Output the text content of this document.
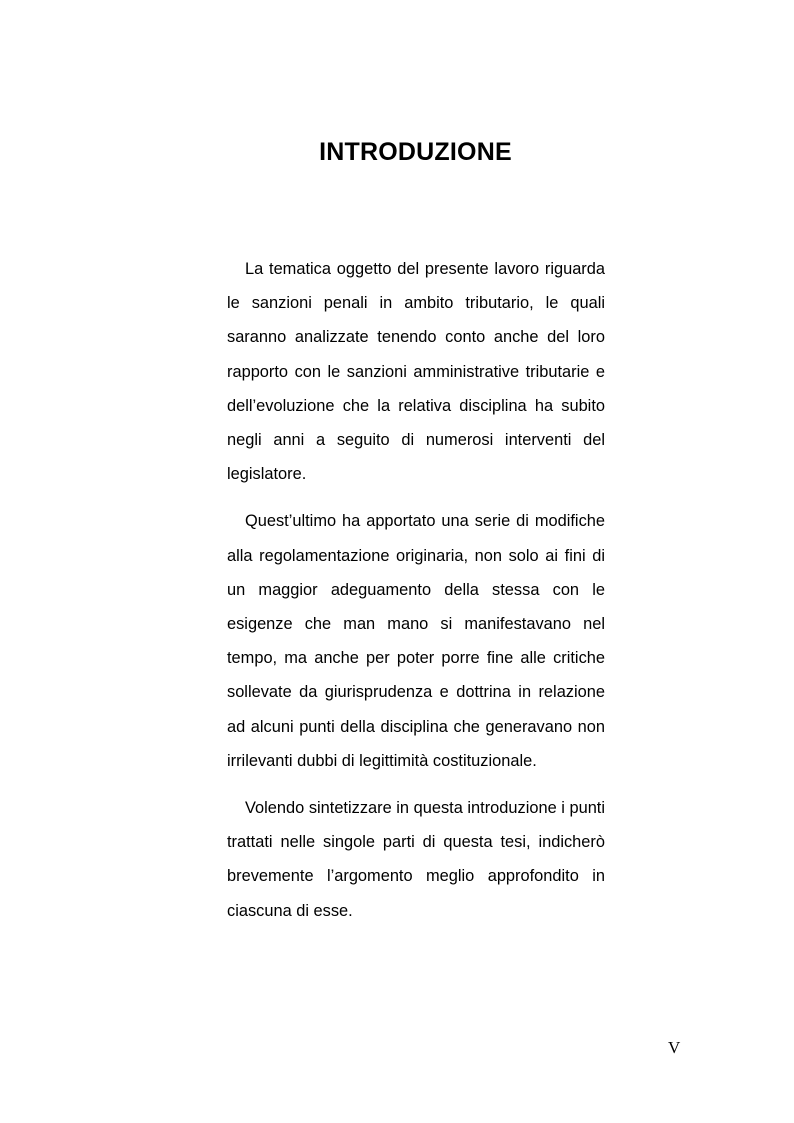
INTRODUZIONE

La tematica oggetto del presente lavoro riguarda le sanzioni penali in ambito tributario, le quali saranno analizzate tenendo conto anche del loro rapporto con le sanzioni amministrative tributarie e dell’evoluzione che la relativa disciplina ha subito negli anni a seguito di numerosi interventi del legislatore.

Quest’ultimo ha apportato una serie di modifiche alla regolamentazione originaria, non solo ai fini di un maggior adeguamento della stessa con le esigenze che man mano si manifestavano nel tempo, ma anche per poter porre fine alle critiche sollevate da giurisprudenza e dottrina in relazione ad alcuni punti della disciplina che generavano non irrilevanti dubbi di legittimità costituzionale.

Volendo sintetizzare in questa introduzione i punti trattati nelle singole parti di questa tesi, indicherò brevemente l’argomento meglio approfondito in ciascuna di esse.

V
